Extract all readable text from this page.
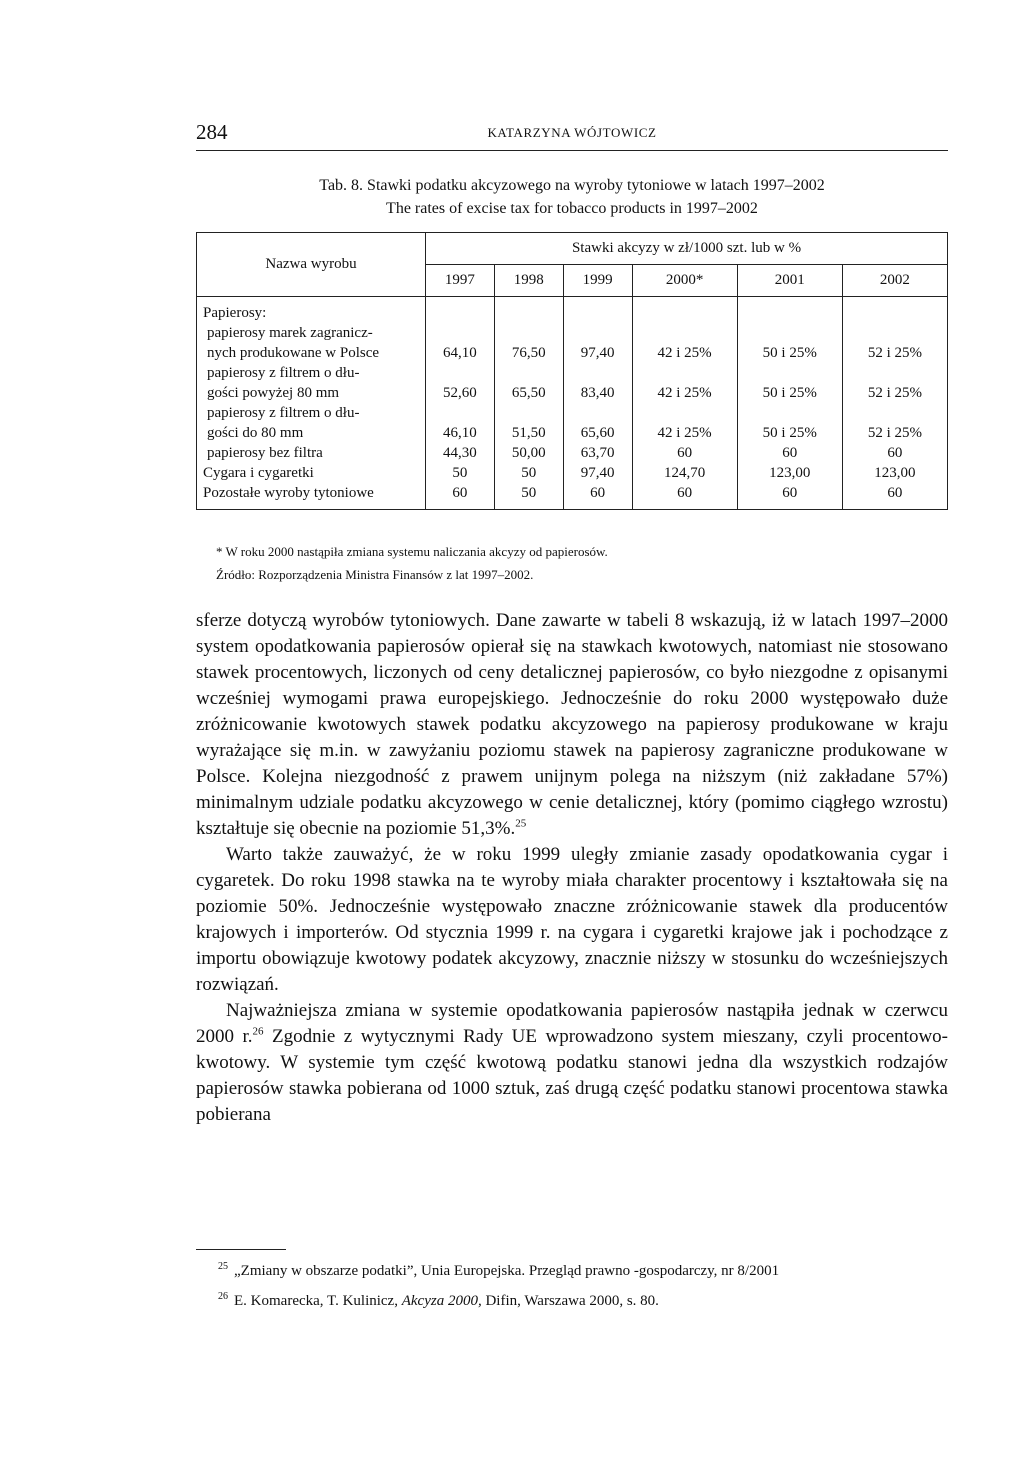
284	KATARZYNA WÓJTOWICZ
Tab. 8. Stawki podatku akcyzowego na wyroby tytoniowe w latach 1997–2002
The rates of excise tax for tobacco products in 1997–2002
Nazwa wyrobu	Stawki akcyzy w zł/1000 szt. lub w %					
	1997	1998	1999	2000*	2001	2002
Papierosy:						
papierosy marek zagranicz-						
nych produkowane w Polsce	64,10	76,50	97,40	42 i 25%	50 i 25%	52 i 25%
papierosy z filtrem o dłu-						
gości powyżej 80 mm	52,60	65,50	83,40	42 i 25%	50 i 25%	52 i 25%
papierosy z filtrem o dłu-						
gości do 80 mm	46,10	51,50	65,60	42 i 25%	50 i 25%	52 i 25%
papierosy bez filtra	44,30	50,00	63,70	60	60	60
Cygara i cygaretki	50	50	97,40	124,70	123,00	123,00
Pozostałe wyroby tytoniowe	60	50	60	60	60	60
* W roku 2000 nastąpiła zmiana systemu naliczania akcyzy od papierosów.
Źródło: Rozporządzenia Ministra Finansów z lat 1997–2002.

sferze dotyczą wyrobów tytoniowych. Dane zawarte w tabeli 8 wskazują, iż w latach 1997–2000 system opodatkowania papierosów opierał się na stawkach kwotowych, natomiast nie stosowano stawek procentowych, liczonych od ceny detalicznej papierosów, co było niezgodne z opisanymi wcześniej wymogami prawa europejskiego. Jednocześnie do roku 2000 występowało duże zróżnicowanie kwotowych stawek podatku akcyzowego na papierosy produkowane w kraju wyrażające się m.in. w zawyżaniu poziomu stawek na papierosy zagraniczne produkowane w Polsce. Kolejna niezgodność z prawem unijnym polega na niższym (niż zakładane 57%) minimalnym udziale podatku akcyzowego w cenie detalicznej, który (pomimo ciągłego wzrostu) kształtuje się obecnie na poziomie 51,3%.$^{25}$

Warto także zauważyć, że w roku 1999 uległy zmianie zasady opodatkowania cygar i cygaretek. Do roku 1998 stawka na te wyroby miała charakter procentowy i kształtowała się na poziomie 50%. Jednocześnie występowało znaczne zróżnicowanie stawek dla producentów krajowych i importerów. Od stycznia 1999 r. na cygara i cygaretki krajowe jak i pochodzące z importu obowiązuje kwotowy podatek akcyzowy, znacznie niższy w stosunku do wcześniejszych rozwiązań.

Najważniejsza zmiana w systemie opodatkowania papierosów nastąpiła jednak w czerwcu 2000 r.$^{26}$ Zgodnie z wytycznymi Rady UE wprowadzono system mieszany, czyli procentowo-kwotowy. W systemie tym część kwotową podatku stanowi jedna dla wszystkich rodzajów papierosów stawka pobierana od 1000 sztuk, zaś drugą część podatku stanowi procentowa stawka pobierana

$^{25}$ „Zmiany w obszarze podatki”, Unia Europejska. Przegląd prawno -gospodarczy, nr 8/2001
$^{26}$ E. Komarecka, T. Kulinicz, Akcyza 2000, Difin, Warszawa 2000, s. 80.
